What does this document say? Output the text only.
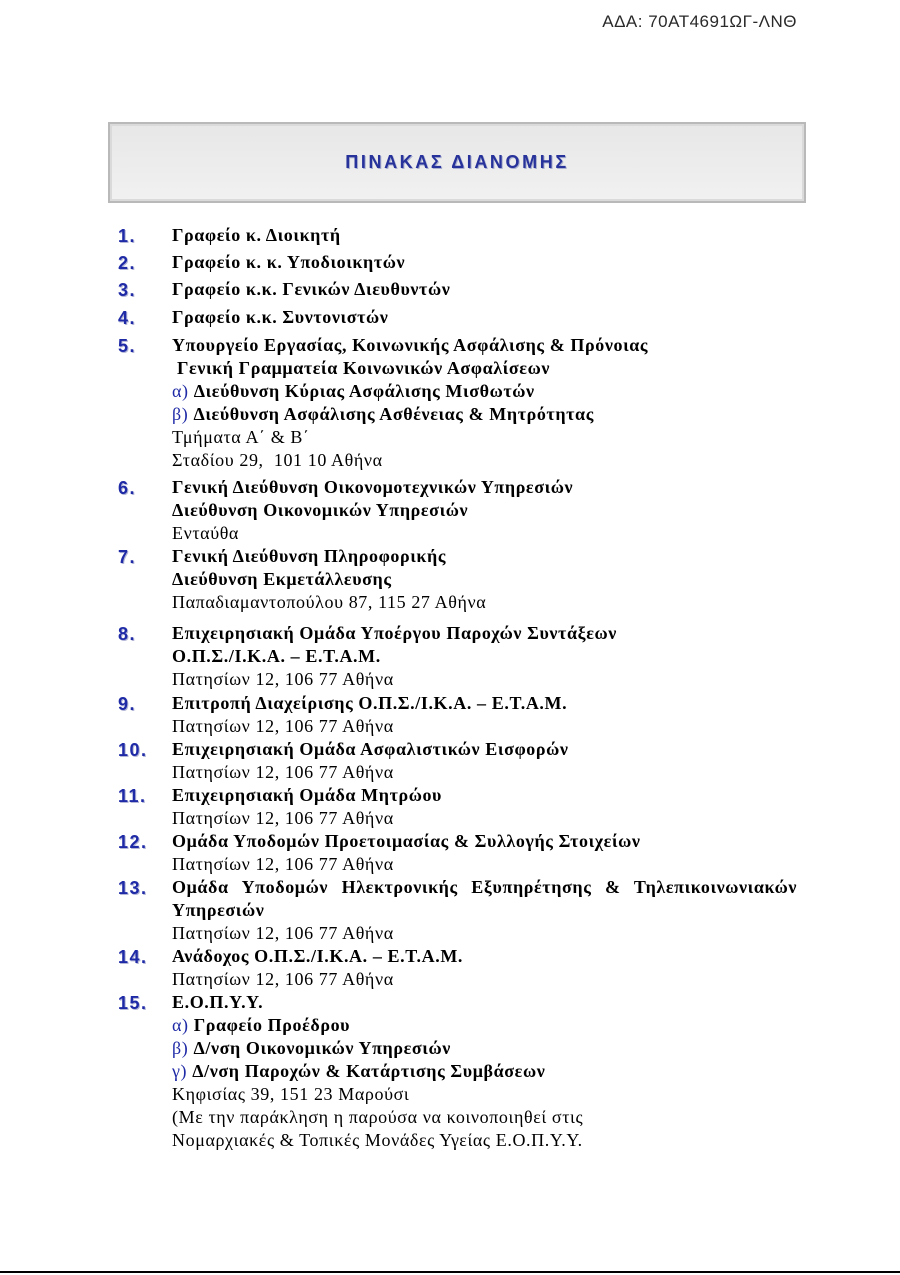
ΑΔΑ: 70ΑΤ4691ΩΓ-ΛΝΘ
ΠΙΝΑΚΑΣ ΔΙΑΝΟΜΗΣ
1. Γραφείο κ. Διοικητή
2. Γραφείο κ. κ. Υποδιοικητών
3. Γραφείο κ.κ. Γενικών Διευθυντών
4. Γραφείο κ.κ. Συντονιστών
5. Υπουργείο Εργασίας, Κοινωνικής Ασφάλισης & Πρόνοιας
Γενική Γραμματεία Κοινωνικών Ασφαλίσεων
α) Διεύθυνση Κύριας Ασφάλισης Μισθωτών
β) Διεύθυνση Ασφάλισης Ασθένειας & Μητρότητας
Τμήματα Α΄ & Β΄
Σταδίου 29,  101 10 Αθήνα
6. Γενική Διεύθυνση Οικονομοτεχνικών Υπηρεσιών
Διεύθυνση Οικονομικών Υπηρεσιών
Ενταύθα
7. Γενική Διεύθυνση Πληροφορικής
Διεύθυνση Εκμετάλλευσης
Παπαδιαμαντοπούλου 87, 115 27 Αθήνα
8. Επιχειρησιακή Ομάδα Υποέργου Παροχών Συντάξεων
Ο.Π.Σ./Ι.Κ.Α. – Ε.Τ.Α.Μ.
Πατησίων 12, 106 77 Αθήνα
9. Επιτροπή Διαχείρισης Ο.Π.Σ./Ι.Κ.Α. – Ε.Τ.Α.Μ.
Πατησίων 12, 106 77 Αθήνα
10. Επιχειρησιακή Ομάδα Ασφαλιστικών Εισφορών
Πατησίων 12, 106 77 Αθήνα
11. Επιχειρησιακή Ομάδα Μητρώου
Πατησίων 12, 106 77 Αθήνα
12. Ομάδα Υποδομών Προετοιμασίας & Συλλογής Στοιχείων
Πατησίων 12, 106 77 Αθήνα
13. Ομάδα Υποδομών Ηλεκτρονικής Εξυπηρέτησης & Τηλεπικοινωνιακών
Υπηρεσιών
Πατησίων 12, 106 77 Αθήνα
14. Ανάδοχος Ο.Π.Σ./Ι.Κ.Α. – Ε.Τ.Α.Μ.
Πατησίων 12, 106 77 Αθήνα
15. Ε.Ο.Π.Υ.Υ.
α) Γραφείο Προέδρου
β) Δ/νση Οικονομικών Υπηρεσιών
γ) Δ/νση Παροχών & Κατάρτισης Συμβάσεων
Κηφισίας 39, 151 23 Μαρούσι
(Με την παράκληση η παρούσα να κοινοποιηθεί στις
Νομαρχιακές & Τοπικές Μονάδες Υγείας Ε.Ο.Π.Υ.Υ.
